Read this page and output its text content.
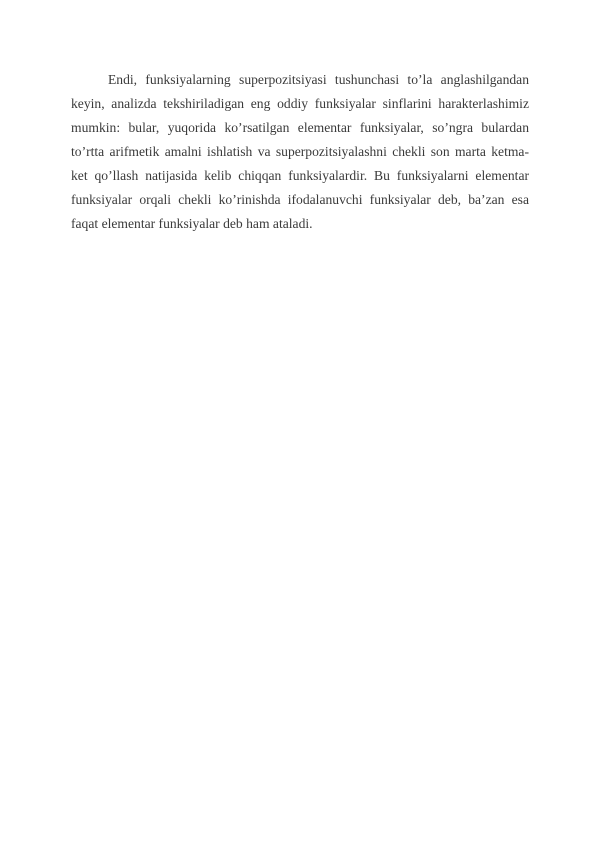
Endi, funksiyalarning superpozitsiyasi tushunchasi to’la anglashilgandan
keyin, analizda tekshiriladigan eng oddiy funksiyalar sinflarini harakterlashimiz
mumkin: bular, yuqorida ko’rsatilgan elementar funksiyalar, so’ngra bulardan
to’rtta arifmetik amalni ishlatish va superpozitsiyalashni chekli son marta ketma-
ket qo’llash natijasida kelib chiqqan funksiyalardir. Bu funksiyalarni elementar
funksiyalar orqali chekli ko’rinishda ifodalanuvchi funksiyalar deb, ba’zan esa
faqat elementar funksiyalar deb ham ataladi.
